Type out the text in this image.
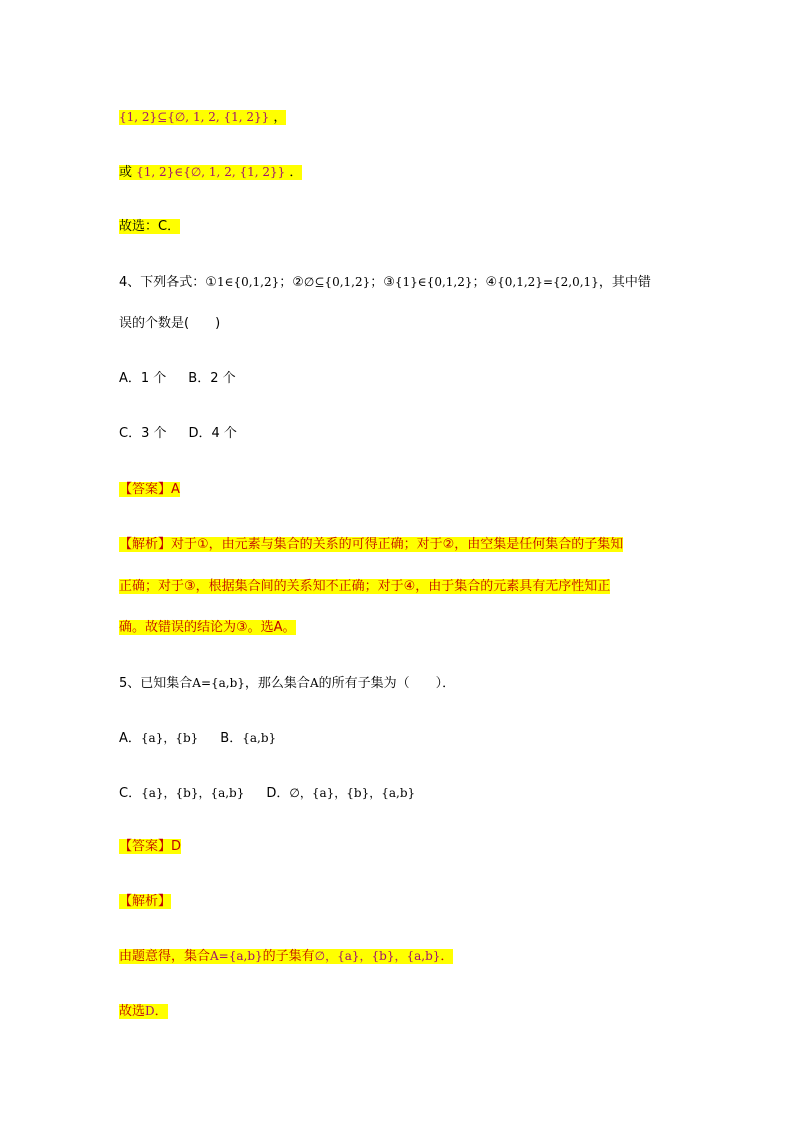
{1, 2}⊆{∅, 1, 2, {1, 2}} ，
或 {1, 2}∈{∅, 1, 2, {1, 2}} ．
故选：C．
4、下列各式：①1∈{0,1,2}；②∅⊆{0,1,2}；③{1}∈{0,1,2}；④{0,1,2}={2,0,1}，其中错
误的个数是(　　)
A．1 个 B．2 个
C．3 个 D．4 个
【答案】A
【解析】对于①，由元素与集合的关系的可得正确；对于②，由空集是任何集合的子集知
正确；对于③，根据集合间的关系知不正确；对于④，由于集合的元素具有无序性知正
确。故错误的结论为③。选A。
5、已知集合A={a,b}，那么集合A的所有子集为（　　）．
A．{a}，{b} B．{a,b}
C．{a}，{b}，{a,b} D．∅，{a}，{b}，{a,b}
【答案】D
【解析】
由题意得，集合A={a,b}的子集有∅，{a}，{b}，{a,b}．
故选D．
